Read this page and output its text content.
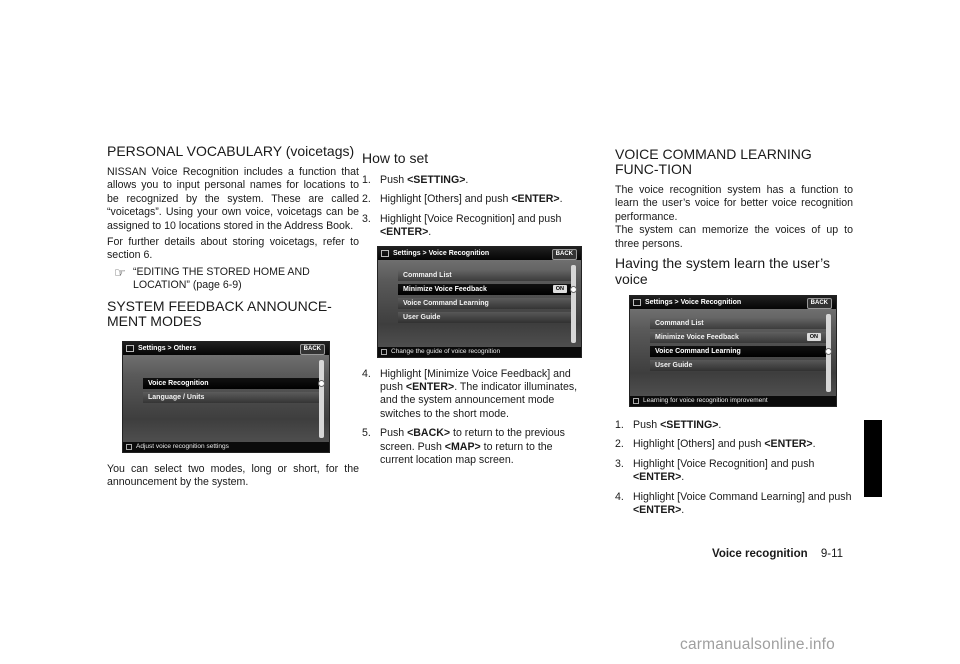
PERSONAL VOCABULARY (voicetags)

NISSAN Voice Recognition includes a function that allows you to input personal names for locations to be recognized by the system. These are called “voicetags”. Using your own voice, voicetags can be assigned to 10 locations stored in the Address Book.

For further details about storing voicetags, refer to section 6.

☞ “EDITING THE STORED HOME AND LOCATION” (page 6-9)
SYSTEM FEEDBACK ANNOUNCE-MENT MODES
Settings > Others	BACK
Voice Recognition
Language / Units
Adjust voice recognition settings

You can select two modes, long or short, for the announcement by the system.

How to set
1. Push <SETTING>.
2. Highlight [Others] and push <ENTER>.
3. Highlight [Voice Recognition] and push <ENTER>.
Settings > Voice Recognition	BACK
Command List
Minimize Voice Feedback	ON
Voice Command Learning
User Guide
Change the guide of voice recognition
4. Highlight [Minimize Voice Feedback] and push <ENTER>. The indicator illuminates, and the system announcement mode switches to the short mode.
5. Push <BACK> to return to the previous screen. Push <MAP> to return to the current location map screen.
VOICE COMMAND LEARNING FUNC-TION

The voice recognition system has a function to learn the user’s voice for better voice recognition performance.

The system can memorize the voices of up to three persons.

Having the system learn the user’s voice
Settings > Voice Recognition	BACK
Command List
Minimize Voice Feedback	ON
Voice Command Learning
User Guide
Learning for voice recognition improvement
1. Push <SETTING>.
2. Highlight [Others] and push <ENTER>.
3. Highlight [Voice Recognition] and push <ENTER>.
4. Highlight [Voice Command Learning] and push <ENTER>.
Voice recognition 9-11
carmanualsonline.info
